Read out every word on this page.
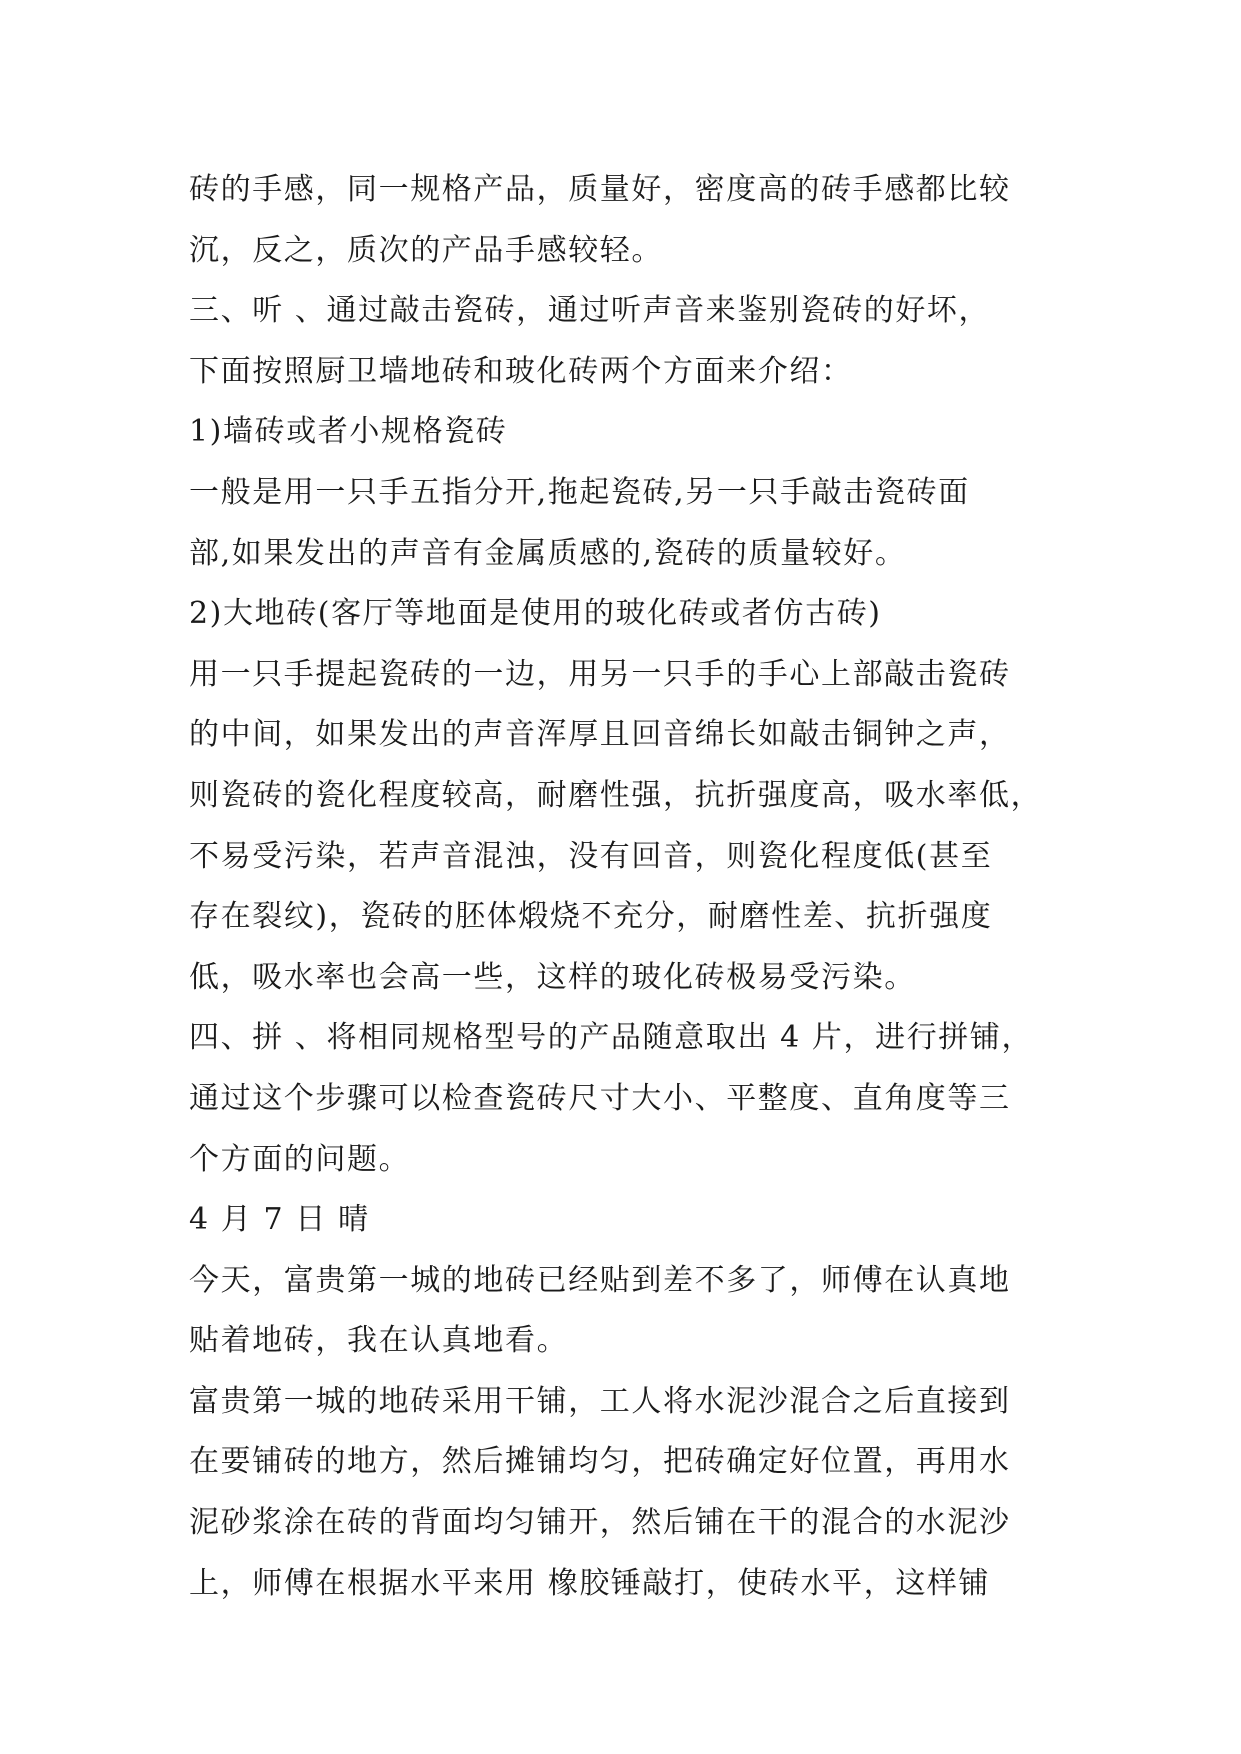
砖的手感，同一规格产品，质量好，密度高的砖手感都比较
沉，反之，质次的产品手感较轻。
三、听 、通过敲击瓷砖，通过听声音来鉴别瓷砖的好坏，
下面按照厨卫墙地砖和玻化砖两个方面来介绍：
1)墙砖或者小规格瓷砖
一般是用一只手五指分开,拖起瓷砖,另一只手敲击瓷砖面
部,如果发出的声音有金属质感的,瓷砖的质量较好。
2)大地砖(客厅等地面是使用的玻化砖或者仿古砖)
用一只手提起瓷砖的一边，用另一只手的手心上部敲击瓷砖
的中间，如果发出的声音浑厚且回音绵长如敲击铜钟之声，
则瓷砖的瓷化程度较高，耐磨性强，抗折强度高，吸水率低，
不易受污染，若声音混浊，没有回音，则瓷化程度低(甚至
存在裂纹)，瓷砖的胚体煅烧不充分，耐磨性差、抗折强度
低，吸水率也会高一些，这样的玻化砖极易受污染。
四、拼 、将相同规格型号的产品随意取出 4 片，进行拼铺，
通过这个步骤可以检查瓷砖尺寸大小、平整度、直角度等三
个方面的问题。
4 月 7 日 晴
今天，富贵第一城的地砖已经贴到差不多了，师傅在认真地
贴着地砖，我在认真地看。
富贵第一城的地砖采用干铺，工人将水泥沙混合之后直接到
在要铺砖的地方，然后摊铺均匀，把砖确定好位置，再用水
泥砂浆涂在砖的背面均匀铺开，然后铺在干的混合的水泥沙
上，师傅在根据水平来用 橡胶锤敲打，使砖水平，这样铺
